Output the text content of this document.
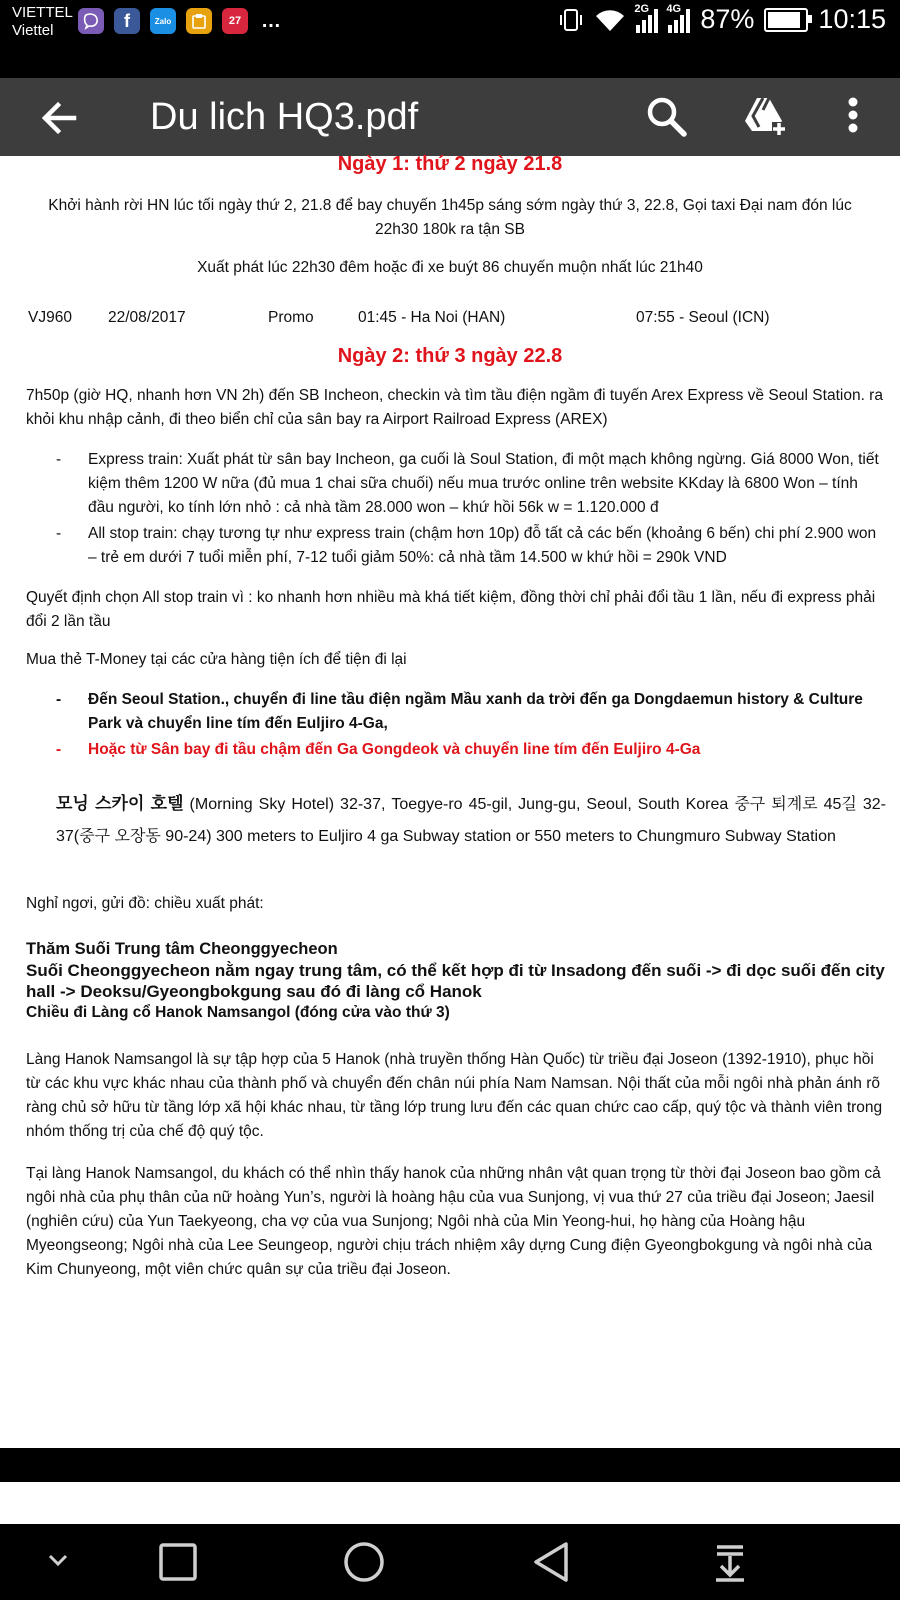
VIETTEL
Viettel	f	Zalo	27 …
2G 4G 87% 10:15
Du lich HQ3.pdf

Ngày 1: thứ 2 ngày 21.8

Khởi hành rời HN lúc tối ngày thứ 2, 21.8 để bay chuyến 1h45p sáng sớm ngày thứ 3, 22.8, Gọi taxi Đại nam đón lúc 22h30 180k ra tận SB

Xuất phát lúc 22h30 đêm hoặc đi xe buýt 86 chuyến muộn nhất lúc 21h40

VJ960 22/08/2017	Promo	01:45 - Ha Noi (HAN)	07:55 - Seoul (ICN)

Ngày 2: thứ 3 ngày 22.8

7h50p (giờ HQ, nhanh hơn VN 2h) đến SB Incheon, checkin và tìm tầu điện ngầm đi tuyến Arex Express về Seoul Station. ra khỏi khu nhập cảnh, đi theo biển chỉ của sân bay ra Airport Railroad Express (AREX)

- Express train: Xuất phát từ sân bay Incheon, ga cuối là Soul Station, đi một mạch không ngừng. Giá 8000 Won, tiết kiệm thêm 1200 W nữa (đủ mua 1 chai sữa chuối) nếu mua trước online trên website KKday là 6800 Won – tính đầu người, ko tính lớn nhỏ : cả nhà tầm 28.000 won – khứ hồi 56k w = 1.120.000 đ

- All stop train: chạy tương tự như express train (chậm hơn 10p) đỗ tất cả các bến (khoảng 6 bến) chi phí 2.900 won – trẻ em dưới 7 tuổi miễn phí, 7-12 tuổi giảm 50%: cả nhà tầm 14.500 w khứ hồi = 290k VND

Quyết định chọn All stop train vì : ko nhanh hơn nhiều mà khá tiết kiệm, đồng thời chỉ phải đổi tầu 1 lần, nếu đi express phải đổi 2 lần tầu

Mua thẻ T-Money tại các cửa hàng tiện ích để tiện đi lại

- Đến Seoul Station., chuyển đi line tầu điện ngầm Mầu xanh da trời đến ga Dongdaemun history & Culture Park và chuyển line tím đến Euljiro 4-Ga,

- Hoặc từ Sân bay đi tầu chậm đến Ga Gongdeok và chuyển line tím đến Euljiro 4-Ga

모닝 스카이 호텔 (Morning Sky Hotel) 32-37, Toegye-ro 45-gil, Jung-gu, Seoul, South Korea 중구 퇴계로 45길 32-37(중구 오장동 90-24) 300 meters to Euljiro 4 ga Subway station or 550 meters to Chungmuro Subway Station

Nghỉ ngơi, gửi đồ: chiều xuất phát:

Thăm Suối Trung tâm Cheonggyecheon

Suối Cheonggyecheon nằm ngay trung tâm, có thể kết hợp đi từ Insadong đến suối -> đi dọc suối đến city hall -> Deoksu/Gyeongbokgung sau đó đi làng cổ Hanok

Chiều đi Làng cổ Hanok Namsangol (đóng cửa vào thứ 3)

Làng Hanok Namsangol là sự tập hợp của 5 Hanok (nhà truyền thống Hàn Quốc) từ triều đại Joseon (1392-1910), phục hồi từ các khu vực khác nhau của thành phố và chuyển đến chân núi phía Nam Namsan. Nội thất của mỗi ngôi nhà phản ánh rõ ràng chủ sở hữu từ tầng lớp xã hội khác nhau, từ tầng lớp trung lưu đến các quan chức cao cấp, quý tộc và thành viên trong nhóm thống trị của chế độ quý tộc.

Tại làng Hanok Namsangol, du khách có thể nhìn thấy hanok của những nhân vật quan trọng từ thời đại Joseon bao gồm cả ngôi nhà của phụ thân của nữ hoàng Yun’s, người là hoàng hậu của vua Sunjong, vị vua thứ 27 của triều đại Joseon; Jaesil (nghiên cứu) của Yun Taekyeong, cha vợ của vua Sunjong; Ngôi nhà của Min Yeong-hui, họ hàng của Hoàng hậu Myeongseong; Ngôi nhà của Lee Seungeop, người chịu trách nhiệm xây dựng Cung điện Gyeongbokgung và ngôi nhà của Kim Chunyeong, một viên chức quân sự của triều đại Joseon.
